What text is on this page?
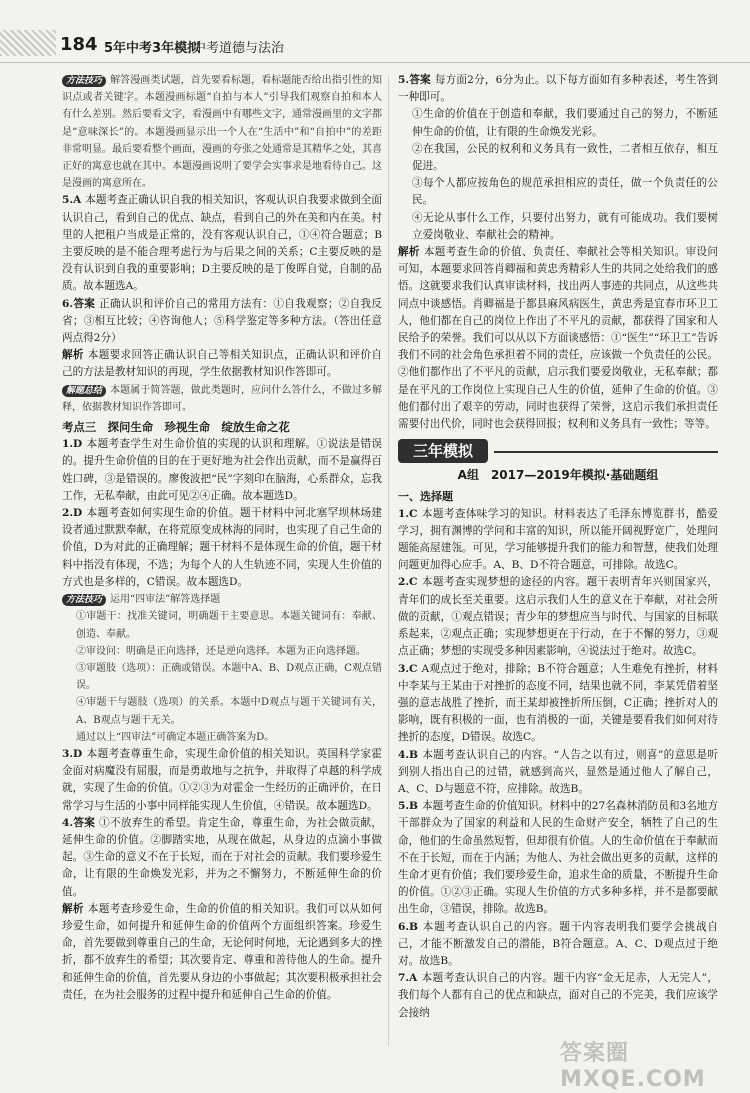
184 5年中考3年模拟
中考道德与法治

方法技巧 解答漫画类试题，首先要看标题，看标题能否给出指引性的知识点或者关键字。本题漫画标题“自拍与本人”引导我们观察自拍和本人有什么差别。然后要看文字，看漫画中有哪些文字，通常漫画里的文字都是“意味深长”的。本题漫画显示出一个人在“生活中”和“自拍中”的差距非常明显。最后要看整个画面，漫画的夸张之处通常是其精华之处，其喜正好的寓意也就在其中。本题漫画说明了要学会实事求是地看待自己。这是漫画的寓意所在。

5.A 本题考查正确认识自我的相关知识，客观认识自我要求做到全面认识自己，看到自己的优点、缺点，看到自己的外在美和内在美。村里的人把租户当成是正常的，没有客观认识自己，①④符合题意；B主要反映的是不能合理考虑行为与后果之间的关系；C主要反映的是没有认识到自我的重要影响；D主要反映的是丁俊晖自觉，自制的品质。故本题选A。

6.答案 正确认识和评价自己的常用方法有：①自我观察；②自我反省；③相互比较；④咨询他人；⑤科学鉴定等多种方法。（答出任意两点得2分）

解析 本题要求回答正确认识自己等相关知识点，正确认识和评价自己的方法是教材知识的再现，学生依据教材知识作答即可。

解题总结 本题属于简答题，做此类题时，应问什么答什么，不做过多解释，依据教材知识作答即可。

考点三　探问生命　珍视生命　绽放生命之花

1.D 本题考查学生对生命价值的实现的认识和理解。①说法是错误的。提升生命价值的目的在于更好地为社会作出贡献，而不是赢得百姓口碑，③是错误的。廖俊波把“民”字刻印在脑海，心系群众，忘我工作，无私奉献，由此可见②④正确。故本题选D。

2.D 本题考查如何实现生命的价值。题干材料中河北塞罕坝林场建设者通过默默奉献，在将荒原变成林海的同时，也实现了自己生命的价值，D为对此的正确理解；题干材料不是体现生命的价值，题干材料中指没有体现，不选；为每个人的人生轨迹不同，实现人生价值的方式也是多样的，C错误。故本题选D。

方法技巧 运用“四审法”解答选择题

①审题干：找准关键词，明确题干主要意思。本题关键词有：奉献、创造、奉献。

②审设问：明确是正向选择，还是逆向选择。本题为正向选择题。

③审题肢（选项）：正确或错误。本题中A、B、D观点正确，C观点错误。

④审题干与题肢（选项）的关系。本题中D观点与题干关键词有关，A、B观点与题干无关。

通过以上“四审法”可确定本题正确答案为D。

3.D 本题考查尊重生命，实现生命价值的相关知识。英国科学家霍金面对病魔没有屈服，而是勇敢地与之抗争，并取得了卓越的科学成就，实现了生命的价值。①②③为对霍金一生经历的正确评价，在日常学习与生活的小事中同样能实现人生价值，④错误。故本题选D。

4.答案 ①不放弃生的希望。肯定生命，尊重生命，为社会做贡献，延伸生命的价值。②脚踏实地，从现在做起，从身边的点滴小事做起。③生命的意义不在于长短，而在于对社会的贡献。我们要珍爱生命，让有限的生命焕发光彩，并为之不懈努力，不断延伸生命的价值。

解析 本题考查珍爱生命，生命的价值的相关知识。我们可以从如何珍爱生命，如何提升和延伸生命的价值两个方面组织答案。珍爱生命，首先要做到尊重自己的生命，无论何时何地，无论遇到多大的挫折，都不放弃生的希望；其次要肯定、尊重和善待他人的生命。提升和延伸生命的价值，首先要从身边的小事做起；其次要积极承担社会责任，在为社会服务的过程中提升和延伸自己生命的价值。

5.答案 每方面2分，6分为止。以下每方面如有多种表述，考生答到一种即可。

①生命的价值在于创造和奉献，我们要通过自己的努力，不断延伸生命的价值，让有限的生命焕发光彩。

②在我国，公民的权利和义务具有一致性，二者相互依存，相互促进。

③每个人都应按角色的规范承担相应的责任，做一个负责任的公民。

④无论从事什么工作，只要付出努力，就有可能成功。我们要树立爱岗敬业、奉献社会的精神。

解析 本题考查生命的价值、负责任、奉献社会等相关知识。审设问可知，本题要求回答肖卿福和黄忠秀精彩人生的共同之处给我们的感悟。这就要求我们认真审读材料，找出两人事迹的共同点，从这些共同点中谈感悟。肖卿福是于都县麻风病医生，黄忠秀是宜春市环卫工人，他们都在自己的岗位上作出了不平凡的贡献，都获得了国家和人民给予的荣誉。我们可以从以下方面谈感悟：①“医生”“环卫工”告诉我们不同的社会角色承担着不同的责任，应该做一个负责任的公民。②他们都作出了不平凡的贡献，启示我们要爱岗敬业，无私奉献；都是在平凡的工作岗位上实现自己人生的价值，延伸了生命的价值。③他们都付出了艰辛的劳动，同时也获得了荣誉，这启示我们承担责任需要付出代价，同时也会获得回报；权利和义务具有一致性；等等。

三年模拟

A组　2017—2019年模拟·基础题组

一、选择题

1.C 本题考查体味学习的知识。材料表达了毛泽东博览群书，酷爱学习，拥有渊博的学问和丰富的知识，所以能开阔视野宽广，处理问题能高屋建瓴。可见，学习能够提升我们的能力和智慧，使我们处理问题更加得心应手。A、B、D不符合题意，可排除。故选C。

2.C 本题考查实现梦想的途径的内容。题干表明青年兴则国家兴，青年们的成长至关重要。这启示我们人生的意义在于奉献，对社会所做的贡献，①观点错误；青少年的梦想应当与时代、与国家的目标联系起来，②观点正确；实现梦想更在于行动，在于不懈的努力，③观点正确；梦想的实现受多种因素影响，④说法过于绝对。故选C。

3.C A观点过于绝对，排除；B不符合题意；人生难免有挫折，材料中李某与王某由于对挫折的态度不同，结果也就不同，李某凭借着坚强的意志战胜了挫折，而王某却被挫折所压倒，C正确；挫折对人的影响，既有积极的一面，也有消极的一面，关键是要看我们如何对待挫折的态度，D错误。故选C。

4.B 本题考查认识自己的内容。“人告之以有过，则喜”的意思是听到别人指出自己的过错，就感到高兴，显然是通过他人了解自己，A、C、D与题意不符，应排除。故选B。

5.B 本题考查生命的价值知识。材料中的27名森林消防员和3名地方干部群众为了国家的利益和人民的生命财产安全，牺牲了自己的生命，他们的生命虽然短暂，但却很有价值。人的生命价值在于奉献而不在于长短，而在于内涵；为他人、为社会做出更多的贡献，这样的生命才更有价值；我们要珍爱生命，追求生命的质量，不断提升生命的价值。①②③正确。实现人生价值的方式多种多样，并不是都要献出生命，③错误，排除。故选B。

6.B 本题考查认识自己的内容。题干内容表明我们要学会挑战自己，才能不断激发自己的潜能，B符合题意。A、C、D观点过于绝对。故选B。

7.A 本题考查认识自己的内容。题干内容“金无足赤，人无完人”，我们每个人都有自己的优点和缺点，面对自己的不完美，我们应该学会接纳

答案圈 MXQE.COM
